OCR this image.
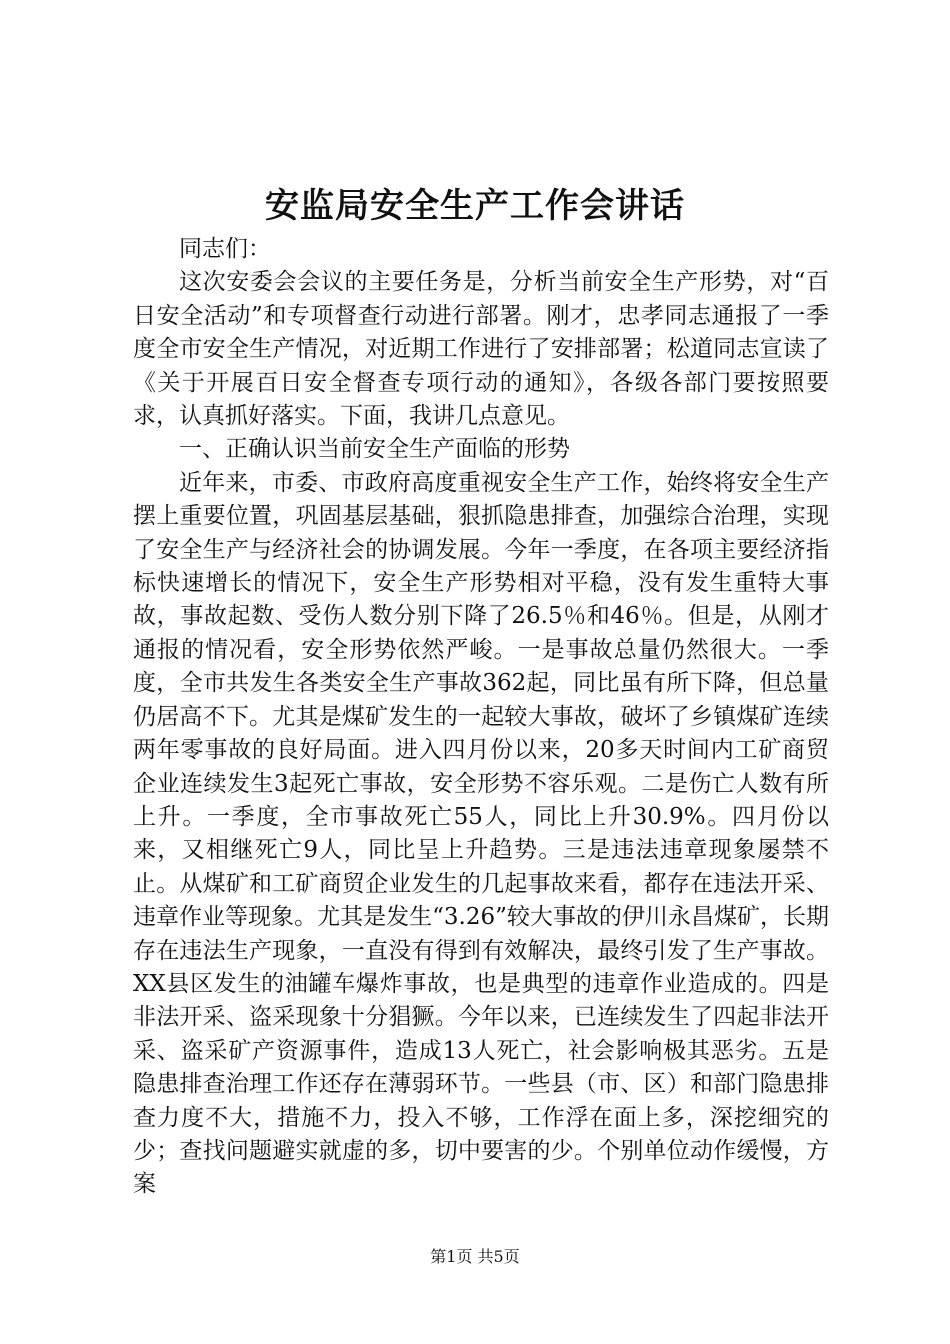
安监局安全生产工作会讲话

同志们：

这次安委会会议的主要任务是，分析当前安全生产形势，对“百日安全活动”和专项督查行动进行部署。刚才，忠孝同志通报了一季度全市安全生产情况，对近期工作进行了安排部署；松道同志宣读了《关于开展百日安全督查专项行动的通知》，各级各部门要按照要求，认真抓好落实。下面，我讲几点意见。

一、正确认识当前安全生产面临的形势

近年来，市委、市政府高度重视安全生产工作，始终将安全生产摆上重要位置，巩固基层基础，狠抓隐患排查，加强综合治理，实现了安全生产与经济社会的协调发展。今年一季度，在各项主要经济指标快速增长的情况下，安全生产形势相对平稳，没有发生重特大事故，事故起数、受伤人数分别下降了26.5％和46％。但是，从刚才通报的情况看，安全形势依然严峻。一是事故总量仍然很大。一季度，全市共发生各类安全生产事故362起，同比虽有所下降，但总量仍居高不下。尤其是煤矿发生的一起较大事故，破坏了乡镇煤矿连续两年零事故的良好局面。进入四月份以来，20多天时间内工矿商贸企业连续发生3起死亡事故，安全形势不容乐观。二是伤亡人数有所上升。一季度，全市事故死亡55人，同比上升30.9%。四月份以来，又相继死亡9人，同比呈上升趋势。三是违法违章现象屡禁不止。从煤矿和工矿商贸企业发生的几起事故来看，都存在违法开采、违章作业等现象。尤其是发生“3.26”较大事故的伊川永昌煤矿，长期存在违法生产现象，一直没有得到有效解决，最终引发了生产事故。XX县区发生的油罐车爆炸事故，也是典型的违章作业造成的。四是非法开采、盗采现象十分猖獗。今年以来，已连续发生了四起非法开采、盗采矿产资源事件，造成13人死亡，社会影响极其恶劣。五是隐患排查治理工作还存在薄弱环节。一些县（市、区）和部门隐患排查力度不大，措施不力，投入不够，工作浮在面上多，深挖细究的少；查找问题避实就虚的多，切中要害的少。个别单位动作缓慢，方案

第1页 共5页
